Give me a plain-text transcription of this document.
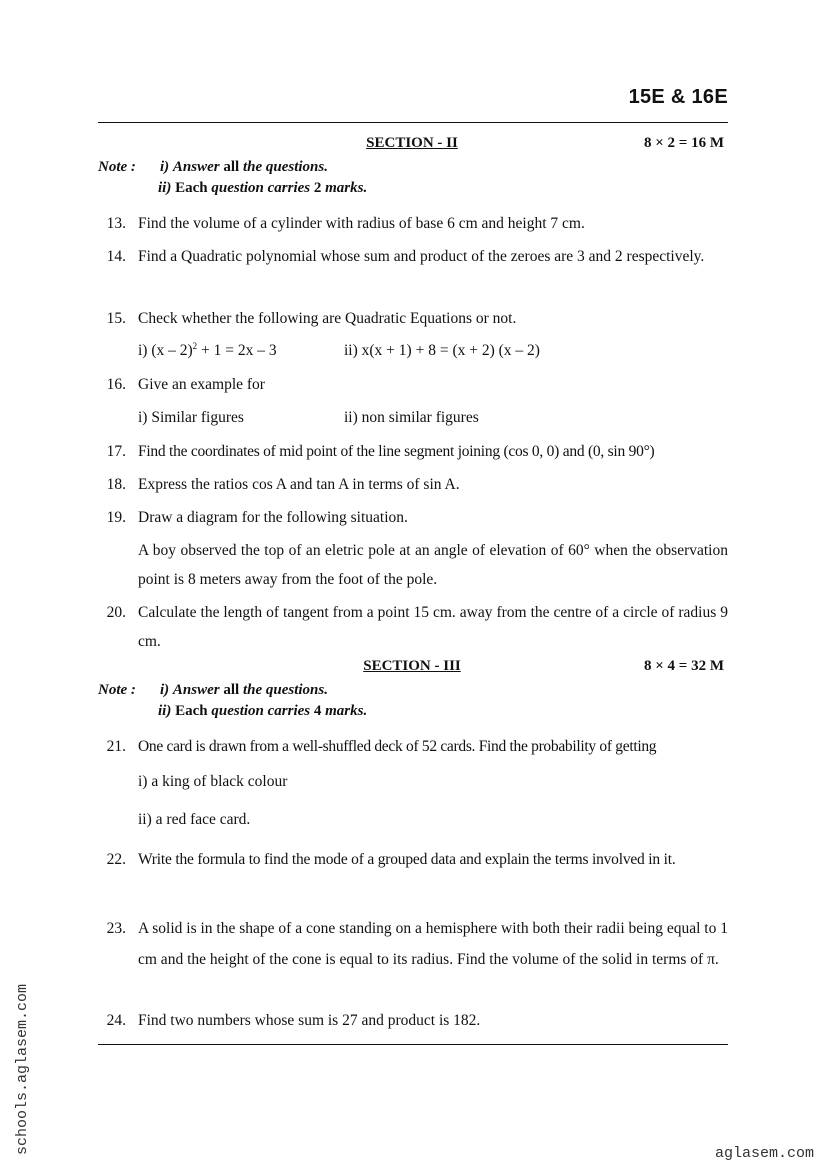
15E & 16E
SECTION - II	8 × 2 = 16 M
Note : i) Answer all the questions.
ii) Each question carries 2 marks.
13. Find the volume of a cylinder with radius of base 6 cm and height 7 cm.
14. Find a Quadratic polynomial whose sum and product of the zeroes are 3 and 2 respectively.
15. Check whether the following are Quadratic Equations or not.
i) (x – 2)$^2$ + 1 = 2x – 3	ii) x(x + 1) + 8 = (x + 2) (x – 2)
16. Give an example for
i) Similar figures	ii) non similar figures
17. Find the coordinates of mid point of the line segment joining (cos 0, 0) and (0, sin 90°)
18. Express the ratios cos A and tan A in terms of sin A.
19. Draw a diagram for the following situation.
A boy observed the top of an eletric pole at an angle of elevation of 60° when the observation point is 8 meters away from the foot of the pole.
20. Calculate the length of tangent from a point 15 cm. away from the centre of a circle of radius 9 cm.
SECTION - III	8 × 4 = 32 M
Note : i) Answer all the questions.
ii) Each question carries 4 marks.
21. One card is drawn from a well-shuffled deck of 52 cards. Find the probability of getting
i) a king of black colour
ii) a red face card.
22. Write the formula to find the mode of a grouped data and explain the terms involved in it.
23. A solid is in the shape of a cone standing on a hemisphere with both their radii being equal to 1 cm and the height of the cone is equal to its radius. Find the volume of the solid in terms of π.
24. Find two numbers whose sum is 27 and product is 182.
schools.aglasem.com	aglasem.com
